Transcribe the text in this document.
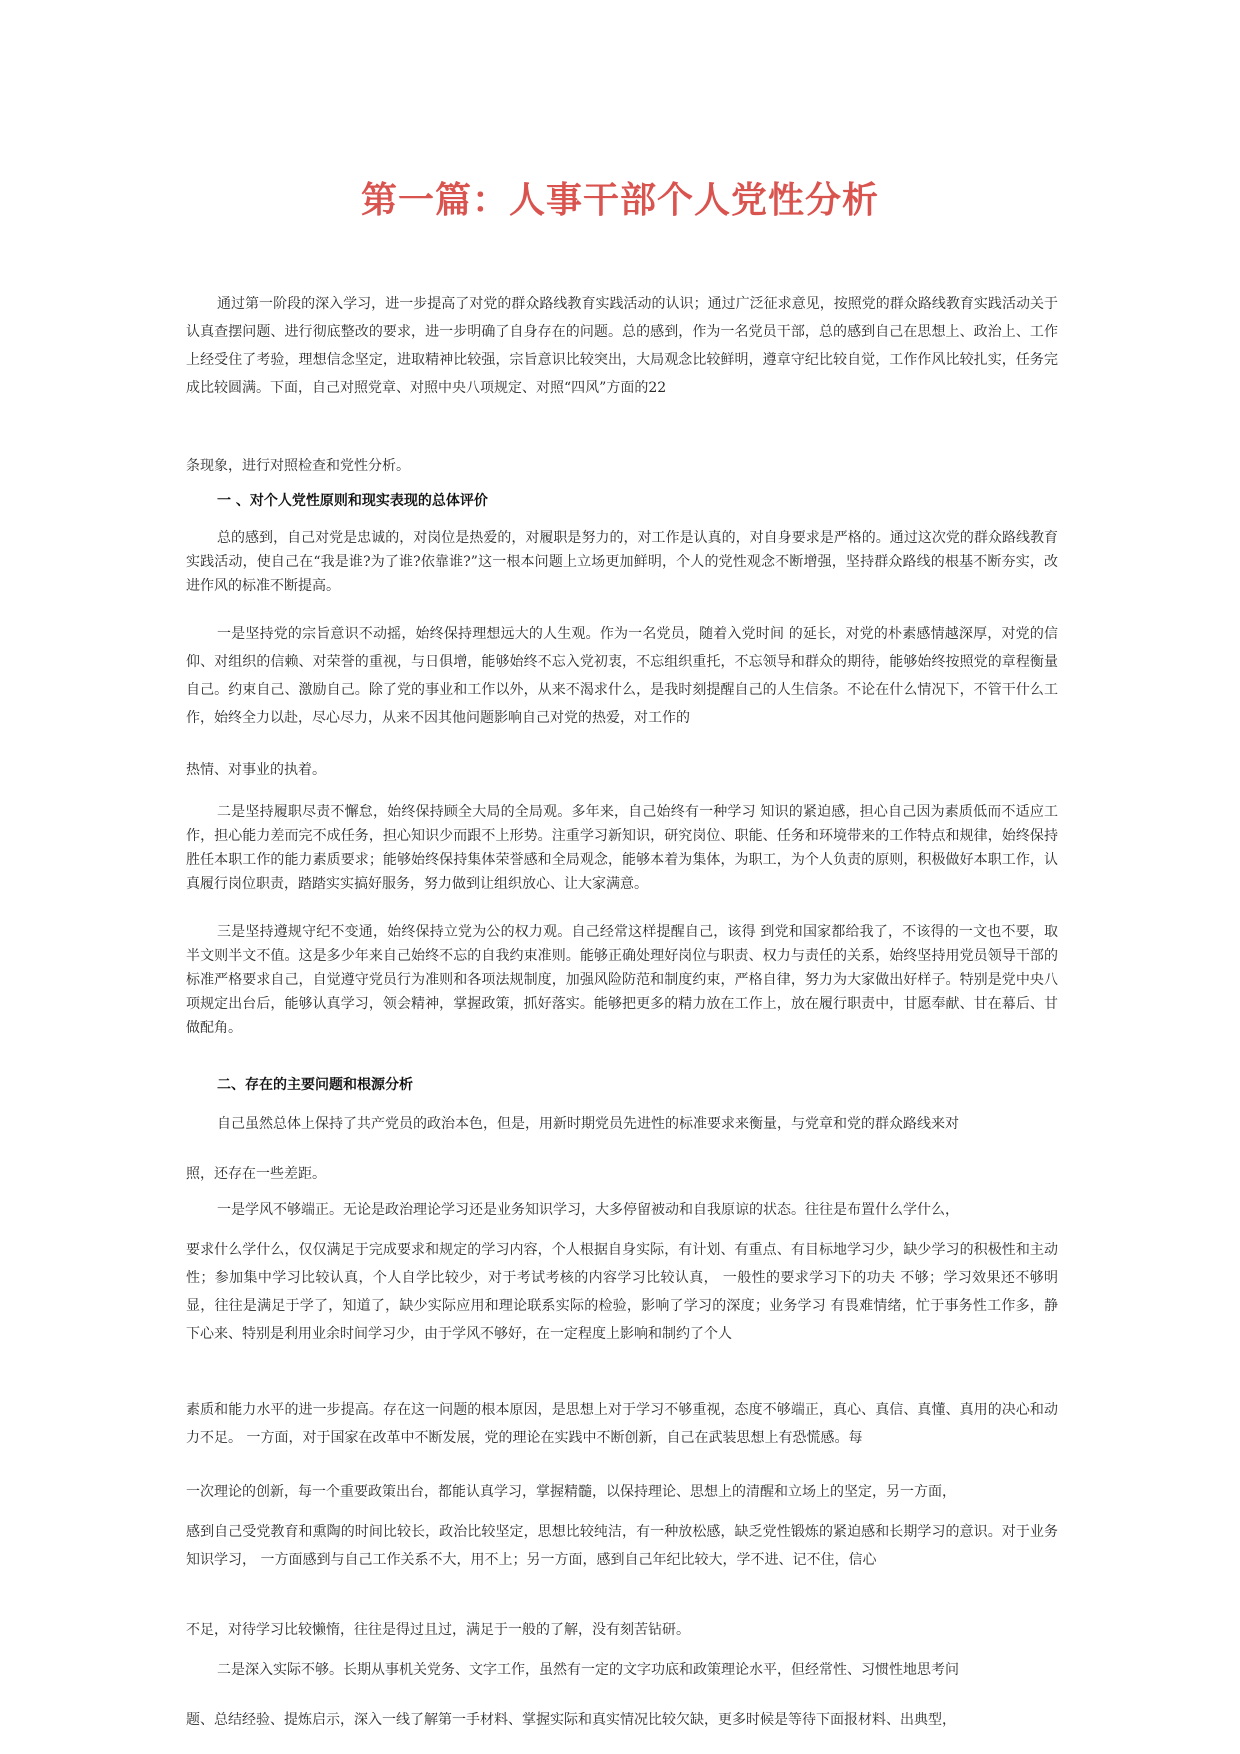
第一篇：人事干部个人党性分析

通过第一阶段的深入学习，进一步提高了对党的群众路线教育实践活动的认识；通过广泛征求意见，按照党的群众路线教育实践活动关于认真查摆问题、进行彻底整改的要求，进一步明确了自身存在的问题。总的感到，作为一名党员干部，总的感到自己在思想上、政治上、工作上经受住了考验，理想信念坚定，进取精神比较强，宗旨意识比较突出，大局观念比较鲜明，遵章守纪比较自觉，工作作风比较扎实，任务完成比较圆满。下面，自己对照党章、对照中央八项规定、对照“四风”方面的22

条现象，进行对照检查和党性分析。

一 、对个人党性原则和现实表现的总体评价

总的感到，自己对党是忠诚的，对岗位是热爱的，对履职是努力的，对工作是认真的，对自身要求是严格的。通过这次党的群众路线教育实践活动，使自己在“我是谁?为了谁?依靠谁?”这一根本问题上立场更加鲜明，个人的党性观念不断增强，坚持群众路线的根基不断夯实，改进作风的标准不断提高。

一是坚持党的宗旨意识不动摇，始终保持理想远大的人生观。作为一名党员，随着入党时间 的延长，对党的朴素感情越深厚，对党的信仰、对组织的信赖、对荣誉的重视，与日俱增，能够始终不忘入党初衷，不忘组织重托，不忘领导和群众的期待，能够始终按照党的章程衡量自己。约束自己、激励自己。除了党的事业和工作以外，从来不渴求什么，是我时刻提醒自己的人生信条。不论在什么情况下，不管干什么工作，始终全力以赴，尽心尽力，从来不因其他问题影响自己对党的热爱，对工作的

热情、对事业的执着。

二是坚持履职尽责不懈怠，始终保持顾全大局的全局观。多年来，自己始终有一种学习 知识的紧迫感，担心自己因为素质低而不适应工作，担心能力差而完不成任务，担心知识少而跟不上形势。注重学习新知识，研究岗位、职能、任务和环境带来的工作特点和规律，始终保持胜任本职工作的能力素质要求；能够始终保持集体荣誉感和全局观念，能够本着为集体，为职工，为个人负责的原则，积极做好本职工作，认真履行岗位职责，踏踏实实搞好服务，努力做到让组织放心、让大家满意。

三是坚持遵规守纪不变通，始终保持立党为公的权力观。自己经常这样提醒自己，该得 到党和国家都给我了，不该得的一文也不要，取半文则半文不值。这是多少年来自己始终不忘的自我约束准则。能够正确处理好岗位与职责、权力与责任的关系，始终坚持用党员领导干部的标准严格要求自己，自觉遵守党员行为准则和各项法规制度，加强风险防范和制度约束，严格自律，努力为大家做出好样子。特别是党中央八项规定出台后，能够认真学习，领会精神，掌握政策，抓好落实。能够把更多的精力放在工作上，放在履行职责中，甘愿奉献、甘在幕后、甘做配角。

二、存在的主要问题和根源分析

自己虽然总体上保持了共产党员的政治本色，但是，用新时期党员先进性的标准要求来衡量，与党章和党的群众路线来对

照，还存在一些差距。

一是学风不够端正。无论是政治理论学习还是业务知识学习，大多停留被动和自我原谅的状态。往往是布置什么学什么，

要求什么学什么，仅仅满足于完成要求和规定的学习内容，个人根据自身实际，有计划、有重点、有目标地学习少，缺少学习的积极性和主动性；参加集中学习比较认真，个人自学比较少，对于考试考核的内容学习比较认真， 一般性的要求学习下的功夫 不够；学习效果还不够明显，往往是满足于学了，知道了，缺少实际应用和理论联系实际的检验，影响了学习的深度；业务学习 有畏难情绪，忙于事务性工作多，静下心来、特别是利用业余时间学习少，由于学风不够好，在一定程度上影响和制约了个人

素质和能力水平的进一步提高。存在这一问题的根本原因，是思想上对于学习不够重视，态度不够端正，真心、真信、真懂、真用的决心和动力不足。 一方面，对于国家在改革中不断发展，党的理论在实践中不断创新，自己在武装思想上有恐慌感。每

一次理论的创新，每一个重要政策出台，都能认真学习，掌握精髓，以保持理论、思想上的清醒和立场上的坚定，另一方面，

感到自己受党教育和熏陶的时间比较长，政治比较坚定，思想比较纯洁，有一种放松感，缺乏党性锻炼的紧迫感和长期学习的意识。对于业务知识学习， 一方面感到与自己工作关系不大，用不上；另一方面，感到自己年纪比较大，学不进、记不住，信心

不足，对待学习比较懒惰，往往是得过且过，满足于一般的了解，没有刻苦钻研。

二是深入实际不够。长期从事机关党务、文字工作，虽然有一定的文字功底和政策理论水平，但经常性、习惯性地思考问

题、总结经验、提炼启示，深入一线了解第一手材料、掌握实际和真实情况比较欠缺，更多时候是等待下面报材料、出典型，
